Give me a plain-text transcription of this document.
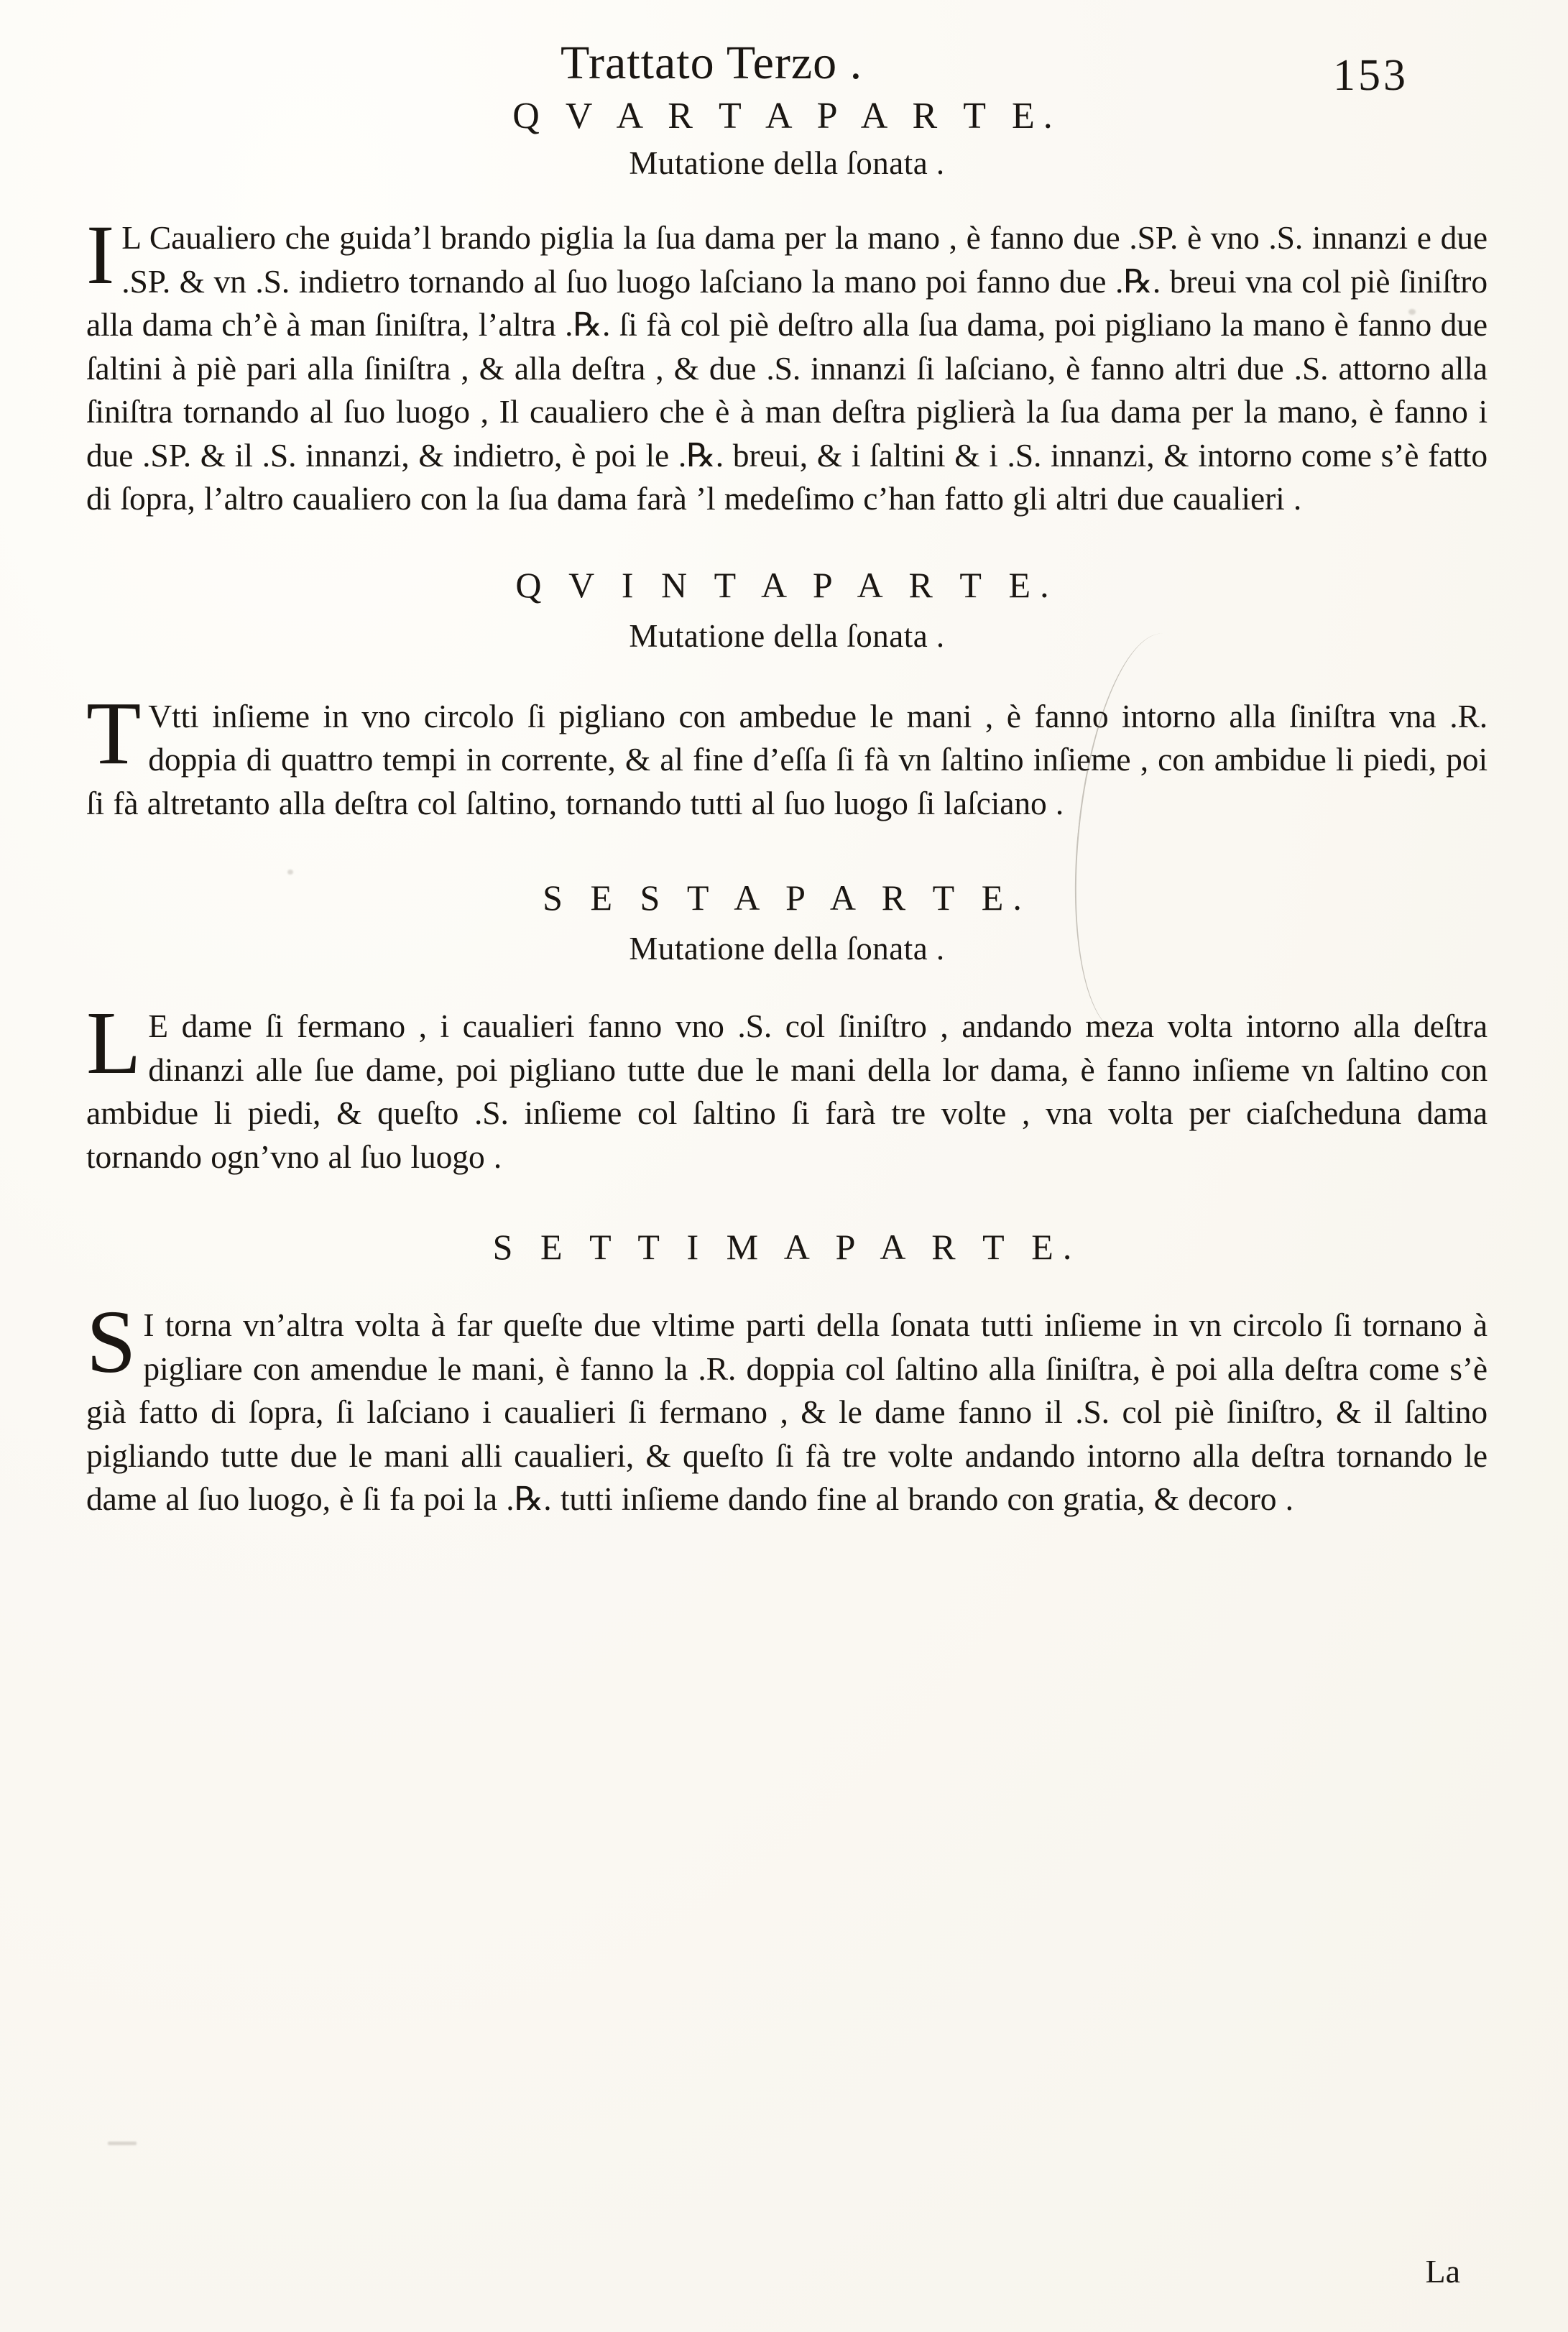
Trattato Terzo .	153
Q V A R T A P A R T E.
Mutatione della ſonata .
I L Caualiero che guida’l brando piglia la ſua dama per la mano , è fanno due .SP. è vno .S. innanzi e due .SP. & vn .S. indietro tornando al ſuo luogo laſciano la mano poi fanno due .℞. breui vna col piè ſiniſtro alla dama ch’è à man ſiniſtra, l’altra .℞. ſi fà col piè deſtro alla ſua dama, poi pigliano la mano è fanno due ſaltini à piè pari alla ſiniſtra , & alla deſtra , & due .S. innanzi ſi laſciano, è fanno altri due .S. attorno alla ſiniſtra tornando al ſuo luogo , Il caualiero che è à man deſtra piglierà la ſua dama per la mano, è fanno i due .SP. & il .S. innanzi, & indietro, è poi le .℞. breui, & i ſaltini & i .S. innanzi, & intorno come s’è fatto di ſopra, l’altro caualiero con la ſua dama farà ’l medeſimo c’han fatto gli altri due caualieri .
Q V I N T A P A R T E.
Mutatione della ſonata .
T Vtti inſieme in vno circolo ſi pigliano con ambedue le mani , è fanno intorno alla ſiniſtra vna .R. doppia di quattro tempi in corrente, & al fine d’eſſa ſi fà vn ſaltino inſieme , con ambidue li piedi, poi ſi fà altretanto alla deſtra col ſaltino, tornando tutti al ſuo luogo ſi laſciano .
S E S T A P A R T E.
Mutatione della ſonata .
L E dame ſi fermano , i caualieri fanno vno .S. col ſiniſtro , andando meza volta intorno alla deſtra dinanzi alle ſue dame, poi pigliano tutte due le mani della lor dama, è fanno inſieme vn ſaltino con ambidue li piedi, & queſto .S. inſieme col ſaltino ſi farà tre volte , vna volta per ciaſcheduna dama tornando ogn’vno al ſuo luogo .
S E T T I M A P A R T E.
S I torna vn’altra volta à far queſte due vltime parti della ſonata tutti inſieme in vn circolo ſi tornano à pigliare con amendue le mani, è fanno la .R. doppia col ſaltino alla ſiniſtra, è poi alla deſtra come s’è già fatto di ſopra, ſi laſciano i caualieri ſi fermano , & le dame fanno il .S. col piè ſiniſtro, & il ſaltino pigliando tutte due le mani alli caualieri, & queſto ſi fà tre volte andando intorno alla deſtra tornando le dame al ſuo luogo, è ſi fa poi la .℞. tutti inſieme dando fine al brando con gratia, & decoro .
La
